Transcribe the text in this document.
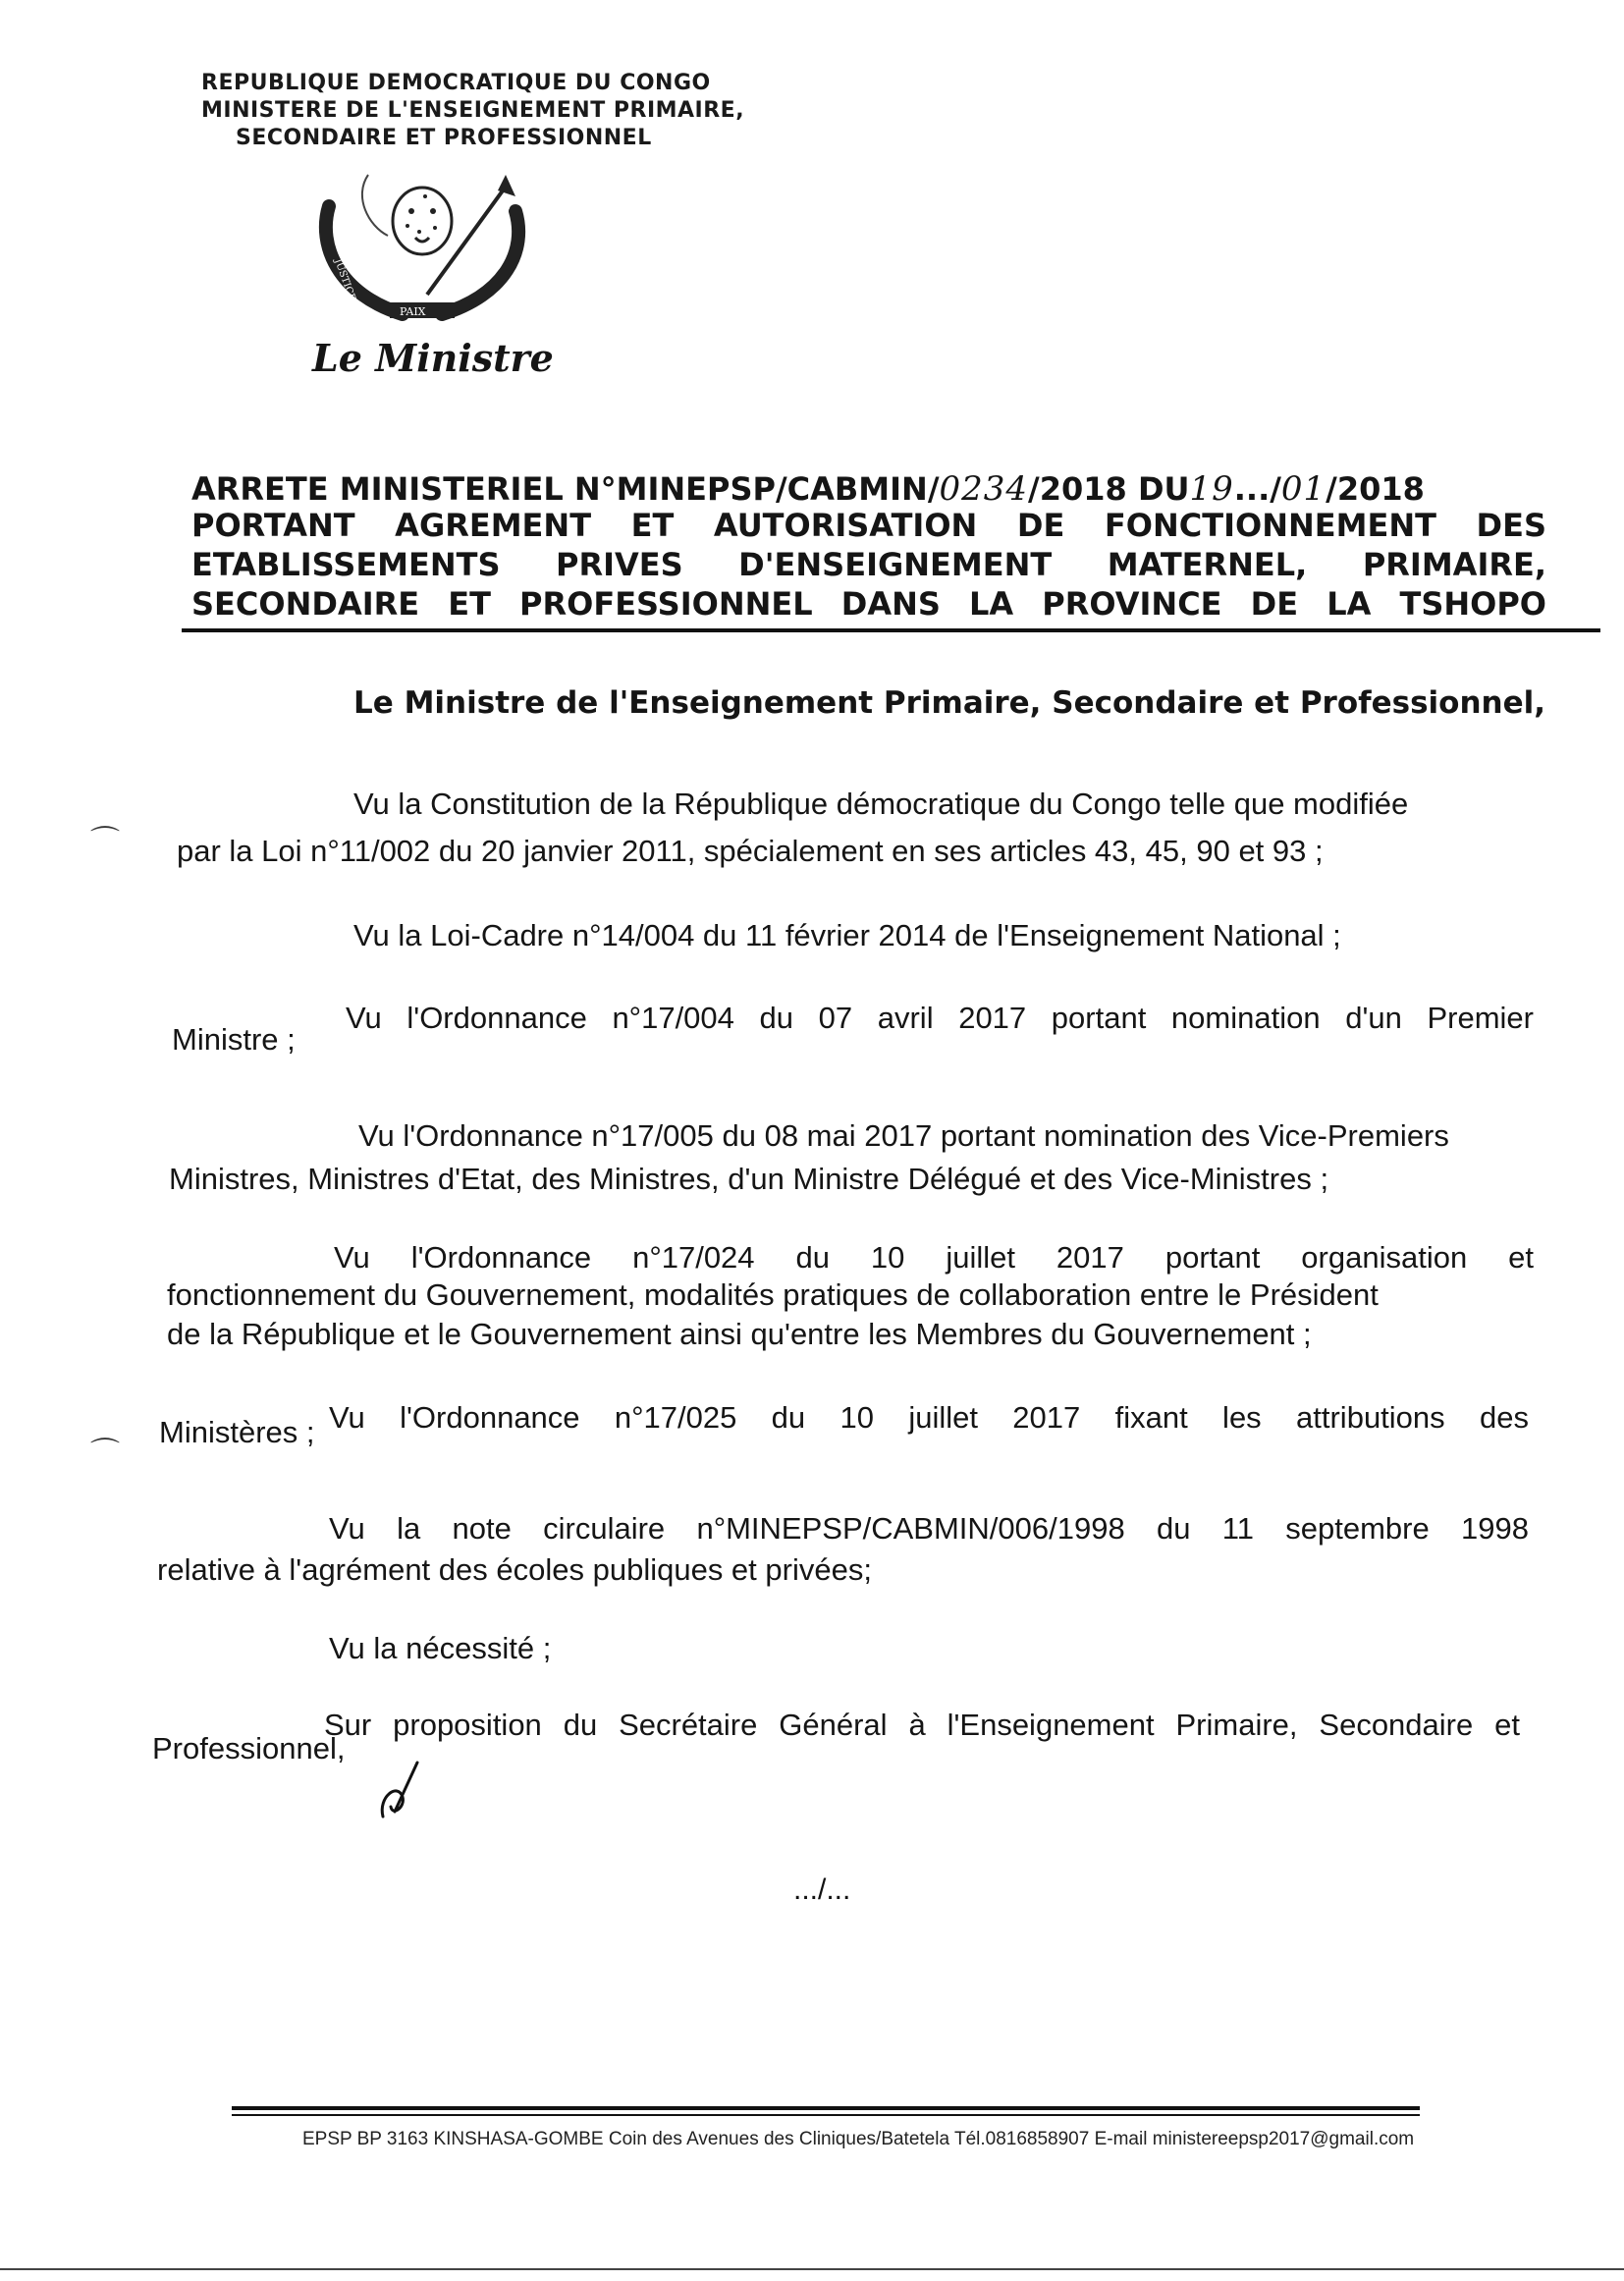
REPUBLIQUE DEMOCRATIQUE DU CONGO
MINISTERE DE L'ENSEIGNEMENT PRIMAIRE,
SECONDAIRE ET PROFESSIONNEL
JUSTICE
TRAVAIL
PAIX
Le Ministre
ARRETE MINISTERIEL N°MINEPSP/CABMIN/0234/2018 DU19.../01/2018
PORTANT AGREMENT ET AUTORISATION DE FONCTIONNEMENT DES
ETABLISSEMENTS PRIVES D'ENSEIGNEMENT MATERNEL, PRIMAIRE,
SECONDAIRE ET PROFESSIONNEL DANS LA PROVINCE DE LA TSHOPO
Le Ministre de l'Enseignement Primaire, Secondaire et Professionnel,
⌒
⌒
Vu la Constitution de la République démocratique du Congo telle que modifiée
par la Loi n°11/002 du 20 janvier 2011, spécialement en ses articles 43, 45, 90 et 93 ;
Vu la Loi-Cadre n°14/004 du 11 février 2014 de l'Enseignement National ;
Vu l'Ordonnance n°17/004 du 07 avril 2017 portant nomination d'un Premier
Ministre ;
Vu l'Ordonnance n°17/005 du 08 mai 2017 portant nomination des Vice-Premiers
Ministres, Ministres d'Etat, des Ministres, d'un Ministre Délégué et des Vice-Ministres ;
Vu l'Ordonnance n°17/024 du 10 juillet 2017 portant organisation et
fonctionnement du Gouvernement, modalités pratiques de collaboration entre le Président
de la République et le Gouvernement ainsi qu'entre les Membres du Gouvernement ;
Vu l'Ordonnance n°17/025 du 10 juillet 2017 fixant les attributions des
Ministères ;
Vu la note circulaire n°MINEPSP/CABMIN/006/1998 du 11 septembre 1998
relative à l'agrément des écoles publiques et privées;
Vu la nécessité ;
Sur proposition du Secrétaire Général à l'Enseignement Primaire, Secondaire et
Professionnel,
.../...
EPSP BP 3163 KINSHASA-GOMBE Coin des Avenues des Cliniques/Batetela Tél.0816858907 E-mail ministereepsp2017@gmail.com
